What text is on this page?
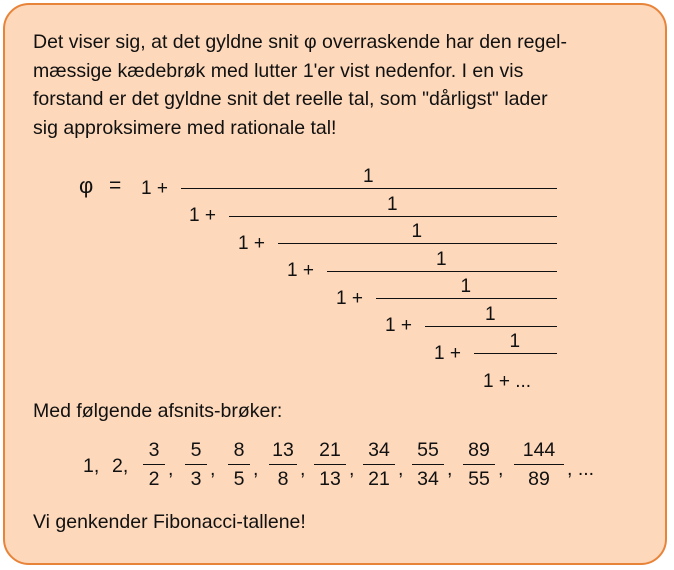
Det viser sig, at det gyldne snit φ overraskende har den regel-
mæssige kædebrøk med lutter 1'er vist nedenfor. I en vis
forstand er det gyldne snit det reelle tal, som "dårligst" lader
sig approksimere med rationale tal!
φ = 1 +
1
1 +
1
1 +
1
1 +
1
1 +
1
1 +
1
1 +
1
1 + ...

Med følgende afsnits-brøker:

1, 2,
3
2 ,
5
3 ,
8
5 ,
13
8 ,
21
13 ,
34
21 ,
55
34 ,
89
55 ,
144
89 , ...

Vi genkender Fibonacci-tallene!
